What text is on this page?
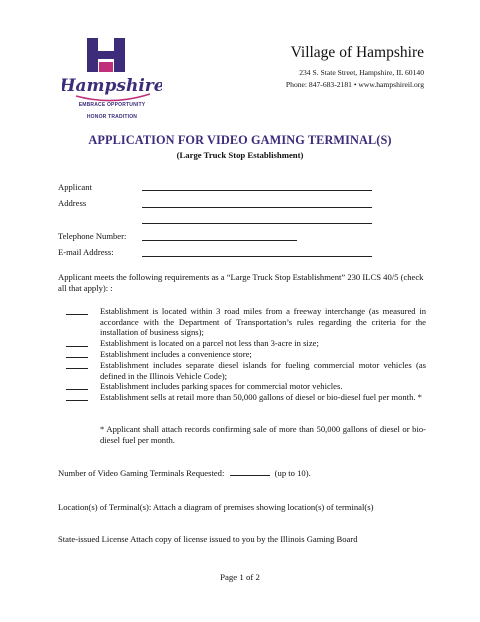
Hampshire
EMBRACE OPPORTUNITY
HONOR TRADITION
Village of Hampshire
234 S. State Street, Hampshire, IL 60140
Phone: 847-683-2181 • www.hampshireil.org
APPLICATION FOR VIDEO GAMING TERMINAL(S)
(Large Truck Stop Establishment)
Applicant
Address
Telephone Number:
E-mail Address:
Applicant meets the following requirements as a “Large Truck Stop Establishment” 230 ILCS 40/5 (check all that apply): :
Establishment is located within 3 road miles from a freeway interchange (as measured in accordance with the Department of Transportation’s rules regarding the criteria for the installation of business signs);
Establishment is located on a parcel not less than 3-acre in size;
Establishment includes a convenience store;
Establishment includes separate diesel islands for fueling commercial motor vehicles (as defined in the Illinois Vehicle Code);
Establishment includes parking spaces for commercial motor vehicles.
Establishment sells at retail more than 50,000 gallons of diesel or bio-diesel fuel per month. *
* Applicant shall attach records confirming sale of more than 50,000 gallons of diesel or bio-diesel fuel per month.
Number of Video Gaming Terminals Requested:	(up to 10).
Location(s) of Terminal(s): Attach a diagram of premises showing location(s) of terminal(s)
State-issued License Attach copy of license issued to you by the Illinois Gaming Board
Page 1 of 2
